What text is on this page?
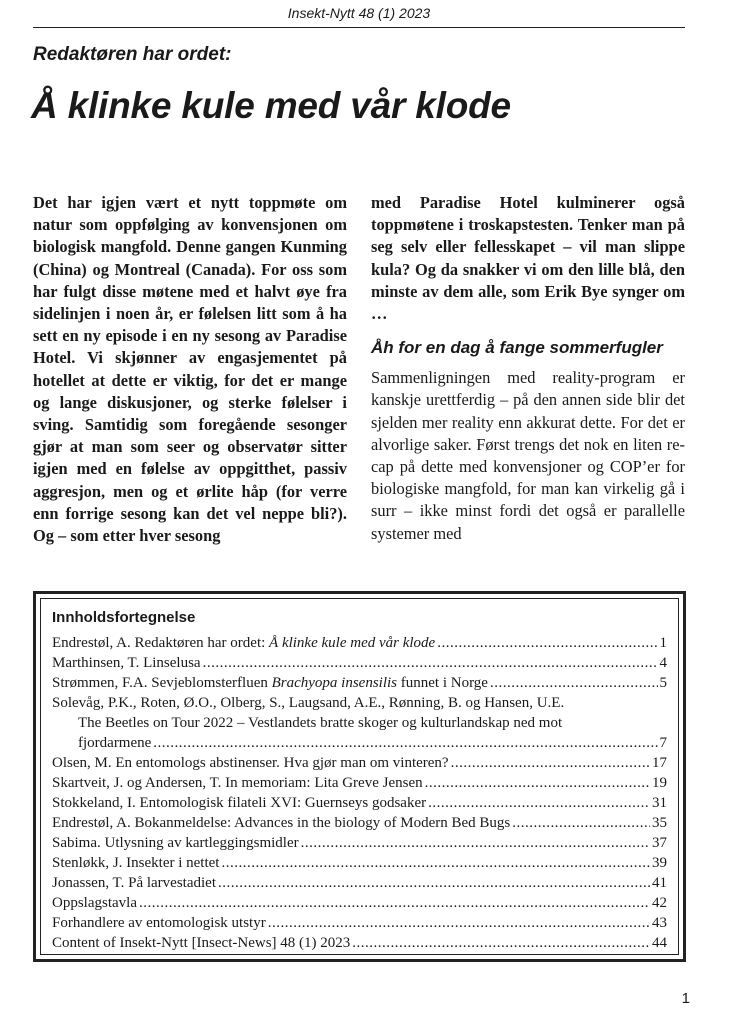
Insekt-Nytt 48 (1) 2023
Redaktøren har ordet:
Å klinke kule med vår klode
Det har igjen vært et nytt toppmøte om natur som oppfølging av konvensjonen om biologisk mangfold. Denne gangen Kunming (China) og Montreal (Canada). For oss som har fulgt disse møtene med et halvt øye fra sidelinjen i noen år, er følelsen litt som å ha sett en ny episode i en ny sesong av Paradise Hotel. Vi skjønner av engasjementet på hotellet at dette er viktig, for det er mange og lange diskusjoner, og sterke følelser i sving. Samtidig som foregående sesonger gjør at man som seer og observatør sitter igjen med en følelse av oppgitthet, passiv aggresjon, men og et ørlite håp (for verre enn forrige sesong kan det vel neppe bli?). Og – som etter hver sesong
med Paradise Hotel kulminerer også toppmøtene i troskapstesten. Tenker man på seg selv eller fellesskapet – vil man slippe kula? Og da snakker vi om den lille blå, den minste av dem alle, som Erik Bye synger om …
Åh for en dag å fange sommerfugler
Sammenligningen med reality-program er kanskje urettferdig – på den annen side blir det sjelden mer reality enn akkurat dette. For det er alvorlige saker. Først trengs det nok en liten re-cap på dette med konvensjoner og COP’er for biologiske mangfold, for man kan virkelig gå i surr – ikke minst fordi det også er parallelle systemer med
Innholdsfortegnelse
Endrestøl, A. Redaktøren har ordet: Å klinke kule med vår klode .....	1
Marthinsen, T. Linselusa .....	4
Strømmen, F.A. Sevjeblomsterfluen Brachyopa insensilis funnet i Norge .....	5
Solevåg, P.K., Roten, Ø.O., Olberg, S., Laugsand, A.E., Rønning, B. og Hansen, U.E.
The Beetles on Tour 2022 – Vestlandets bratte skoger og kulturlandskap ned mot
fjordarmene .....	7
Olsen, M. En entomologs abstinenser. Hva gjør man om vinteren? .....	17
Skartveit, J. og Andersen, T. In memoriam: Lita Greve Jensen .....	19
Stokkeland, I. Entomologisk filateli XVI: Guernseys godsaker .....	31
Endrestøl, A. Bokanmeldelse: Advances in the biology of Modern Bed Bugs .....	35
Sabima. Utlysning av kartleggingsmidler .....	37
Stenløkk, J. Insekter i nettet .....	39
Jonassen, T. På larvestadiet .....	41
Oppslagstavla .....	42
Forhandlere av entomologisk utstyr .....	43
Content of Insekt-Nytt [Insect-News] 48 (1) 2023 .....	44
1
